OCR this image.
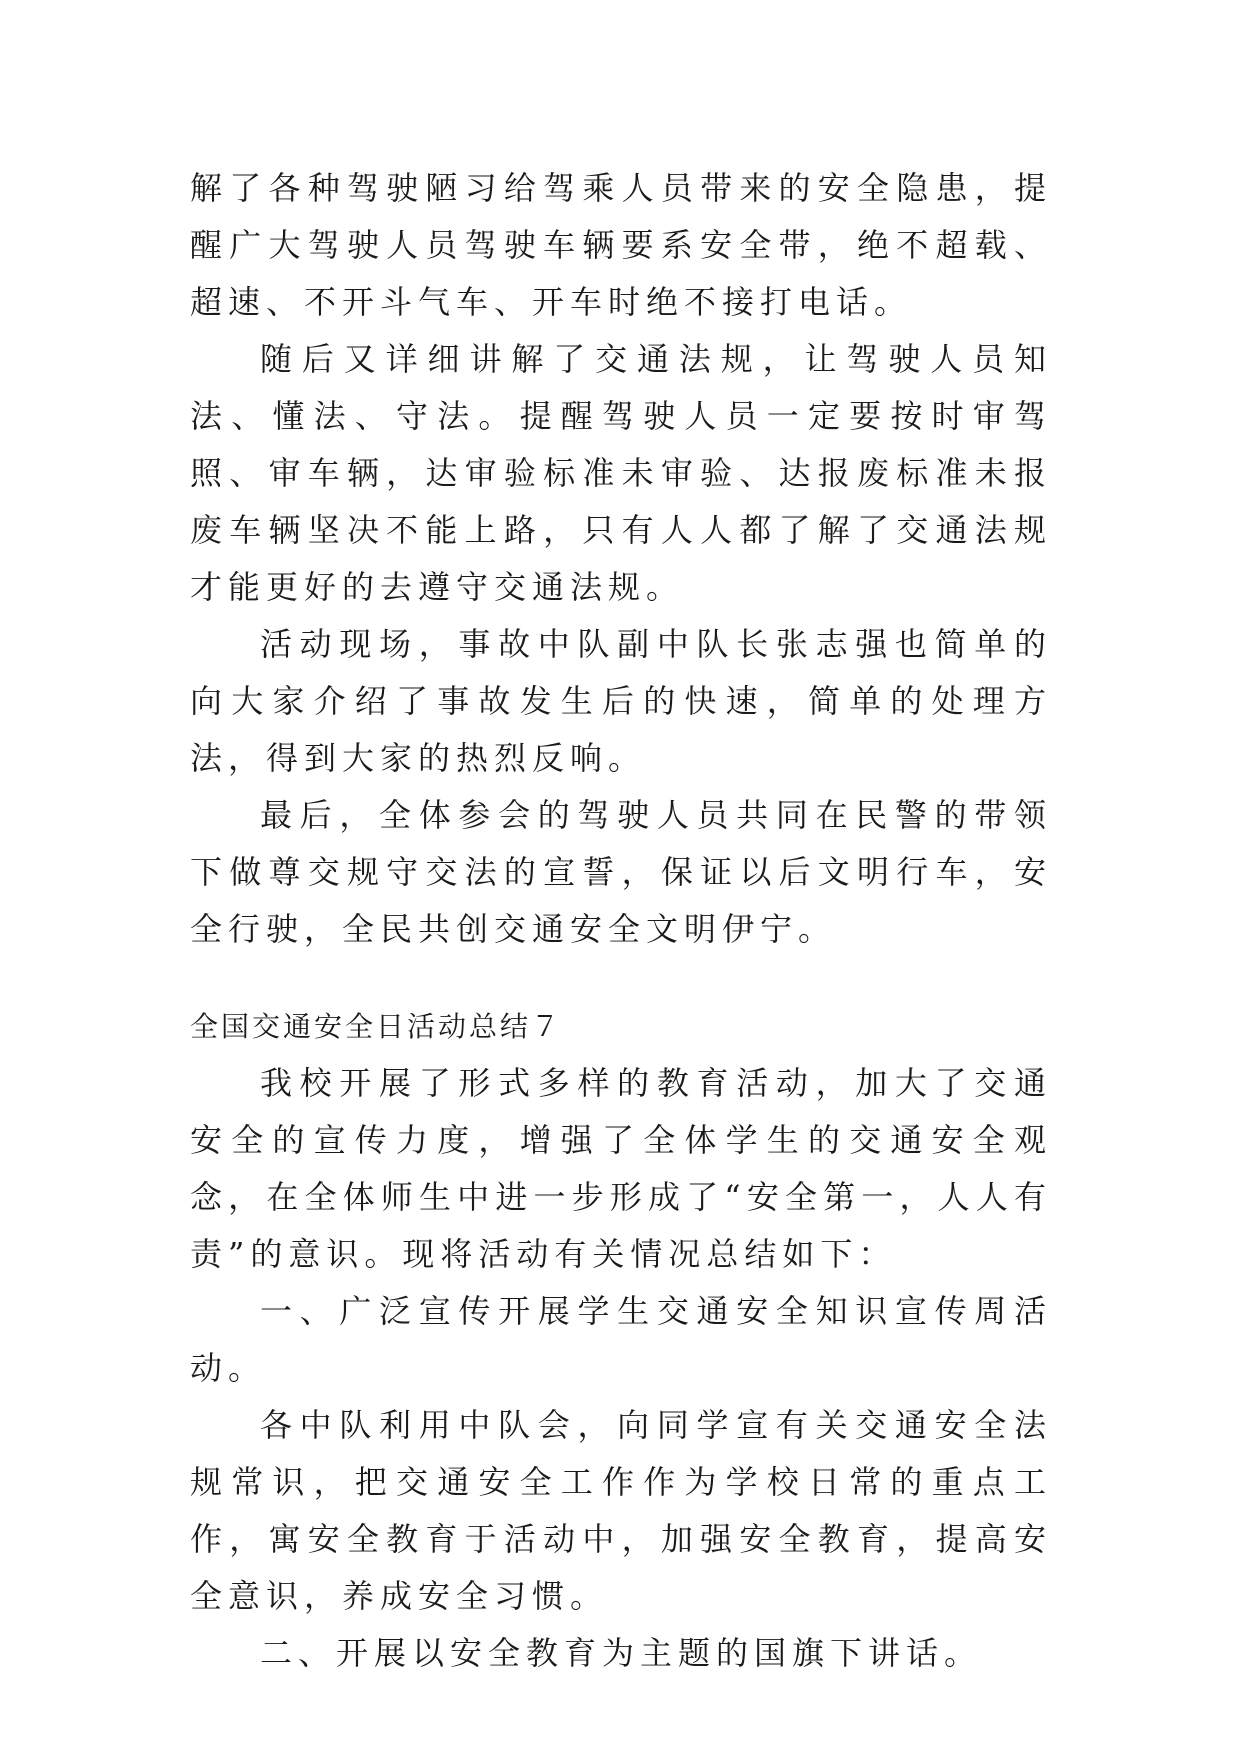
解了各种驾驶陋习给驾乘人员带来的安全隐患，提醒广大驾驶人员驾驶车辆要系安全带，绝不超载、超速、不开斗气车、开车时绝不接打电话。

随后又详细讲解了交通法规，让驾驶人员知法、懂法、守法。提醒驾驶人员一定要按时审驾照、审车辆，达审验标准未审验、达报废标准未报废车辆坚决不能上路，只有人人都了解了交通法规才能更好的去遵守交通法规。

活动现场，事故中队副中队长张志强也简单的向大家介绍了事故发生后的快速，简单的处理方法，得到大家的热烈反响。

最后，全体参会的驾驶人员共同在民警的带领下做尊交规守交法的宣誓，保证以后文明行车，安全行驶，全民共创交通安全文明伊宁。

全国交通安全日活动总结７

我校开展了形式多样的教育活动，加大了交通安全的宣传力度，增强了全体学生的交通安全观念，在全体师生中进一步形成了“安全第一，人人有责”的意识。现将活动有关情况总结如下：

一、广泛宣传开展学生交通安全知识宣传周活动。

各中队利用中队会，向同学宣有关交通安全法规常识，把交通安全工作作为学校日常的重点工作，寓安全教育于活动中，加强安全教育，提高安全意识，养成安全习惯。

二、开展以安全教育为主题的国旗下讲话。
